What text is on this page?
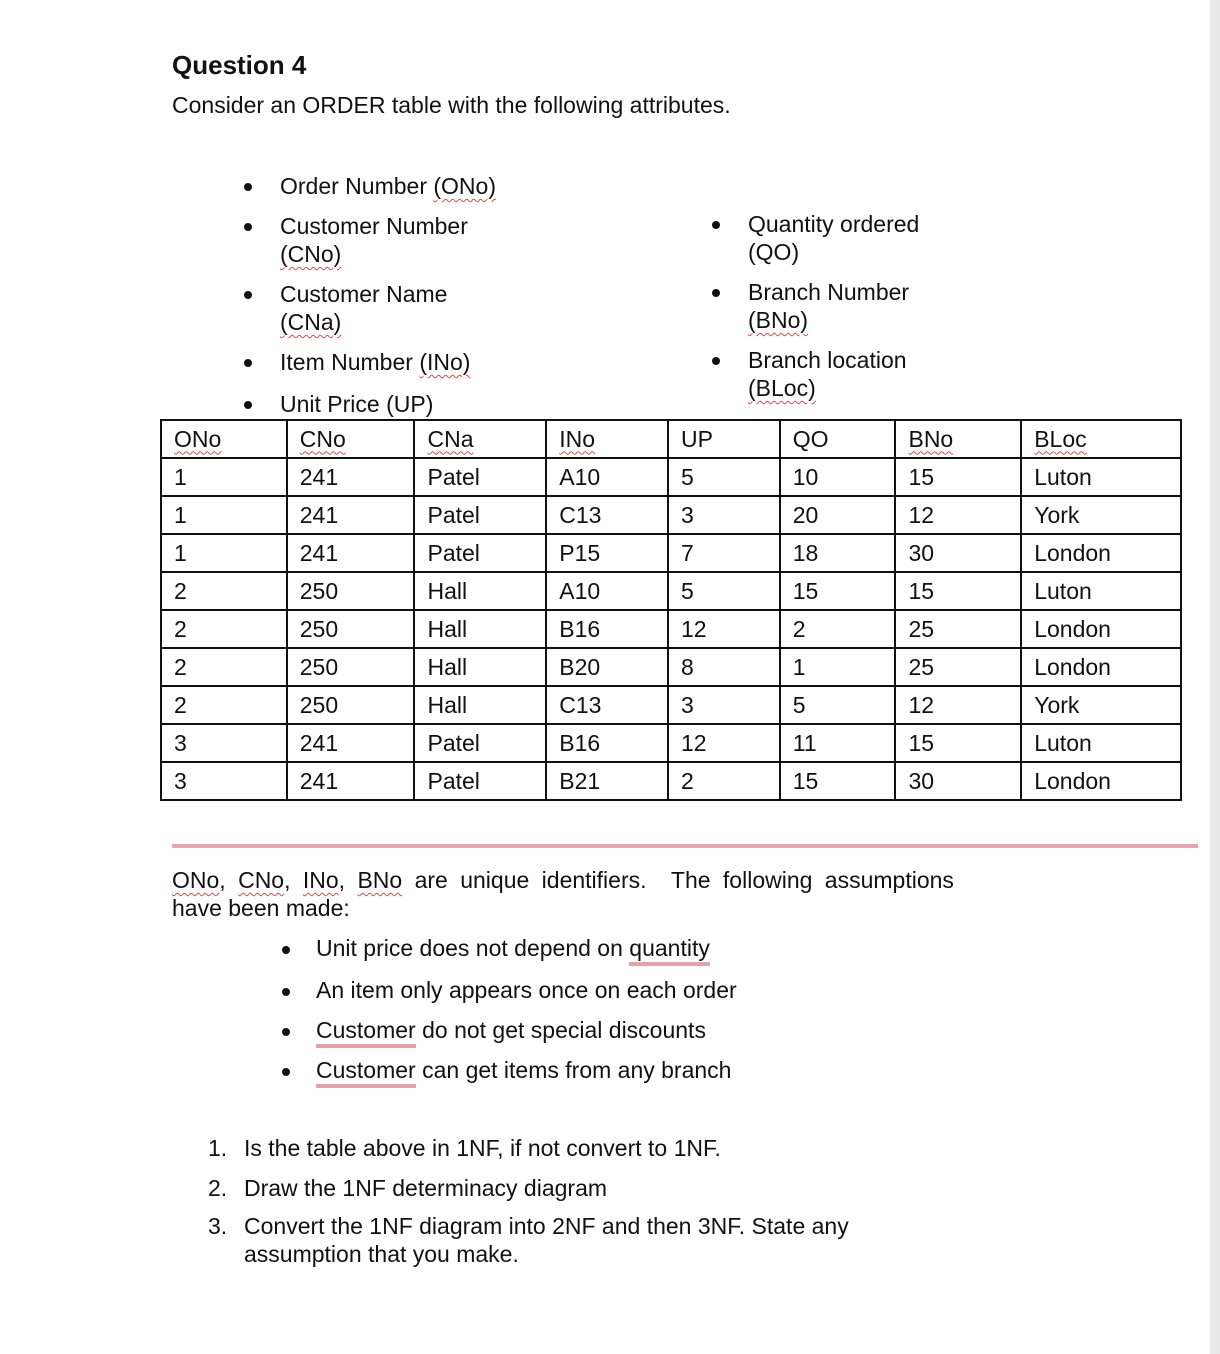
Question 4
Consider an ORDER table with the following attributes.
Order Number (ONo)
Customer Number
(CNo)
Customer Name
(CNa)
Item Number (INo)
Unit Price (UP)
Quantity ordered
(QO)
Branch Number
(BNo)
Branch location
(BLoc)
ONo	CNo	CNa	INo	UP	QO	BNo	BLoc
1	241	Patel	A10	5	10	15	Luton
1	241	Patel	C13	3	20	12	York
1	241	Patel	P15	7	18	30	London
2	250	Hall	A10	5	15	15	Luton
2	250	Hall	B16	12	2	25	London
2	250	Hall	B20	8	1	25	London
2	250	Hall	C13	3	5	12	York
3	241	Patel	B16	12	11	15	Luton
3	241	Patel	B21	2	15	30	London
ONo, CNo, INo, BNo are unique identifiers. The following assumptions
have been made:
Unit price does not depend on quantity
An item only appears once on each order
Customer do not get special discounts
Customer can get items from any branch
1. Is the table above in 1NF, if not convert to 1NF.
2. Draw the 1NF determinacy diagram
3. Convert the 1NF diagram into 2NF and then 3NF. State any
assumption that you make.
